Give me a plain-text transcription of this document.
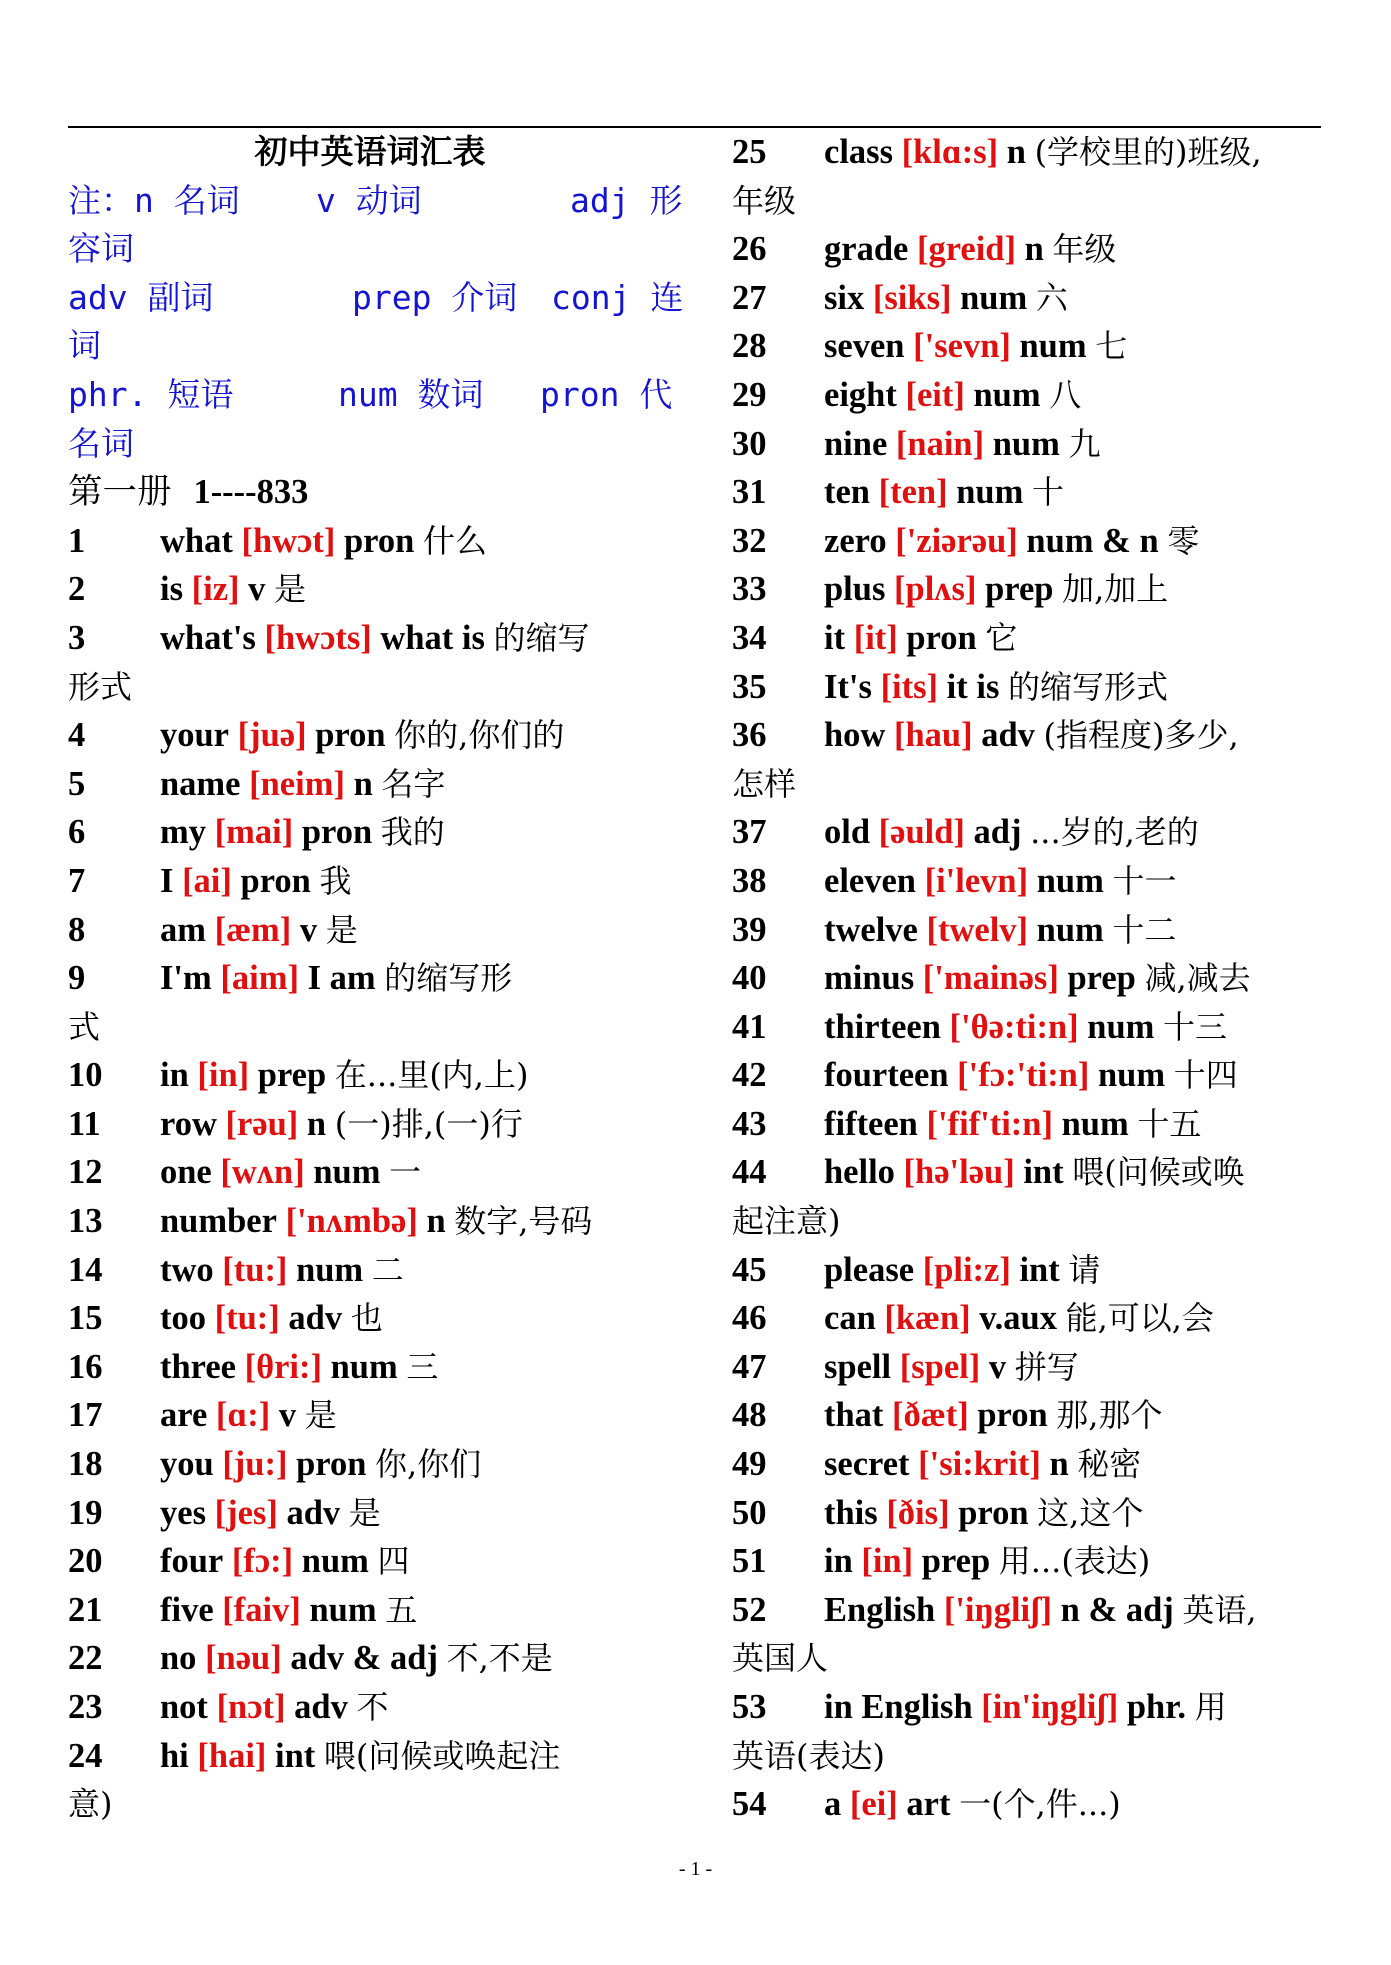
初中英语词汇表
注：n 名词 v 动词	adj 形
容词
adv 副词	prep 介词 conj 连
词
phr. 短语	num 数词 pron 代
名词
第一册 1----833
1 what [hwɔt] pron 什么
2 is [iz] v 是
3 what's [hwɔts] what is 的缩写
形式
4 your [juə] pron 你的,你们的
5 name [neim] n 名字
6 my [mai] pron 我的
7 I [ai] pron 我
8 am [æm] v 是
9 I'm [aim] I am 的缩写形
式
10 in [in] prep 在...里(内,上)
11 row [rəu] n (一)排,(一)行
12 one [wʌn] num 一
13 number ['nʌmbə] n 数字,号码
14 two [tu:] num 二
15 too [tu:] adv 也
16 three [θri:] num 三
17 are [ɑ:] v 是
18 you [ju:] pron 你,你们
19 yes [jes] adv 是
20 four [fɔ:] num 四
21 five [faiv] num 五
22 no [nəu] adv & adj 不,不是
23 not [nɔt] adv 不
24 hi [hai] int 喂(问候或唤起注
意)
25 class [klɑ:s] n (学校里的)班级,
年级
26 grade [greid] n 年级
27 six [siks] num 六
28 seven ['sevn] num 七
29 eight [eit] num 八
30 nine [nain] num 九
31 ten [ten] num 十
32 zero ['ziərəu] num & n 零
33 plus [plʌs] prep 加,加上
34 it [it] pron 它
35 It's [its] it is 的缩写形式
36 how [hau] adv (指程度)多少,
怎样
37 old [əuld] adj ...岁的,老的
38 eleven [i'levn] num 十一
39 twelve [twelv] num 十二
40 minus ['mainəs] prep 减,减去
41 thirteen ['θə:ti:n] num 十三
42 fourteen ['fɔ:'ti:n] num 十四
43 fifteen ['fif'ti:n] num 十五
44 hello [hə'ləu] int 喂(问候或唤
起注意)
45 please [pli:z] int 请
46 can [kæn] v.aux 能,可以,会
47 spell [spel] v 拼写
48 that [ðæt] pron 那,那个
49 secret ['si:krit] n 秘密
50 this [ðis] pron 这,这个
51 in [in] prep 用...(表达)
52 English ['iŋgliʃ] n & adj 英语,
英国人
53 in English [in'iŋgliʃ] phr. 用
英语(表达)
54 a [ei] art 一(个,件...)
- 1 -
